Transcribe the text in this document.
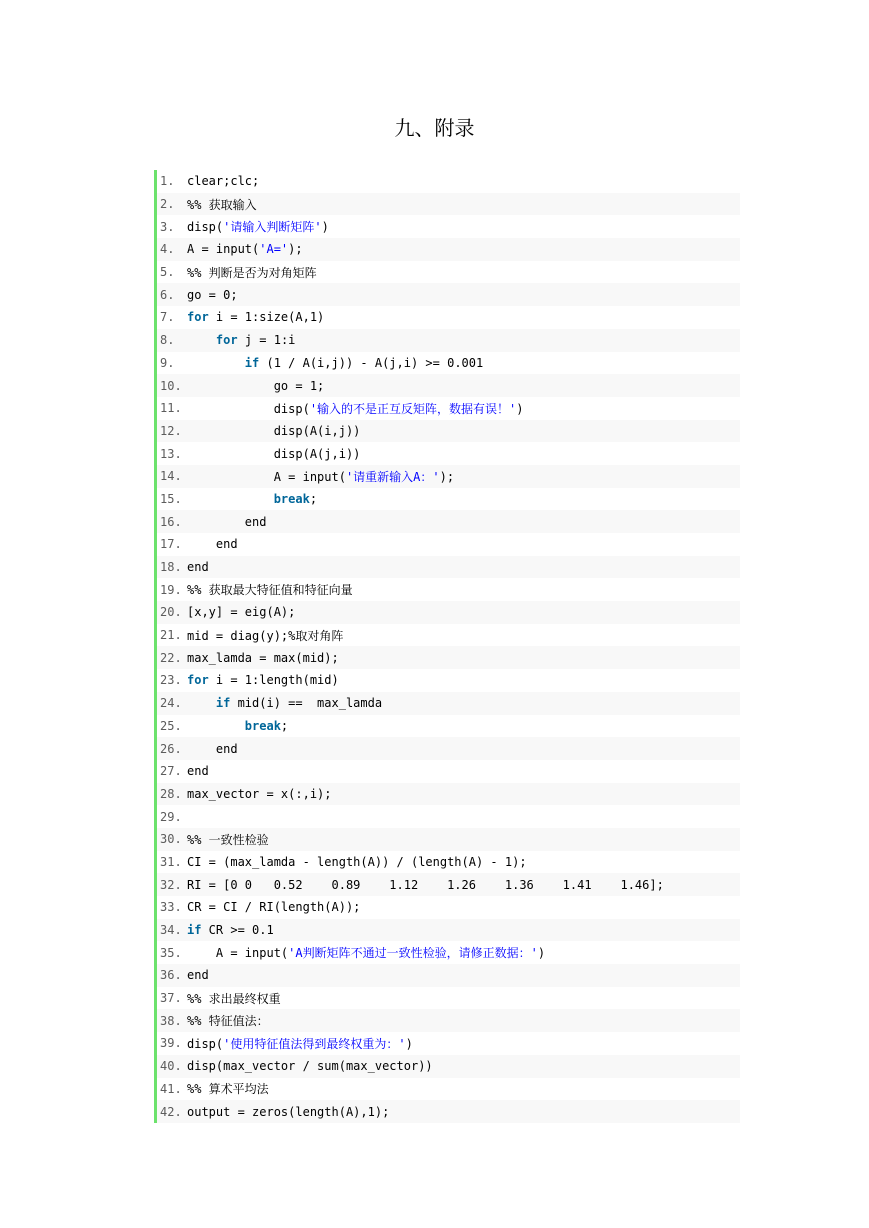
九、附录
1.	clear;clc;
2.	%% 获取输入
3.	disp('请输入判断矩阵')
4.	A = input('A=');
5.	%% 判断是否为对角矩阵
6.	go = 0;
7.	for i = 1:size(A,1)
8.	for j = 1:i
9.	if (1 / A(i,j)) - A(j,i) >= 0.001
10. go = 1;
11. disp('输入的不是正互反矩阵，数据有误！')
12. disp(A(i,j))
13. disp(A(j,i))
14. A = input('请重新输入A：');
15.	break;
16. end
17. end
18. end
19. %% 获取最大特征值和特征向量
20. [x,y] = eig(A);
21. mid = diag(y);%取对角阵
22. max_lamda = max(mid);
23. for i = 1:length(mid)
24.	if mid(i) ==  max_lamda
25.	break;
26. end
27. end
28. max_vector = x(:,i);
29.
30. %% 一致性检验
31. CI = (max_lamda - length(A)) / (length(A) - 1);
32. RI = [0 0   0.52    0.89    1.12    1.26    1.36    1.41    1.46];
33. CR = CI / RI(length(A));
34. if CR >= 0.1
35. A = input('A判断矩阵不通过一致性检验，请修正数据：')
36. end
37. %% 求出最终权重
38. %% 特征值法：
39. disp('使用特征值法得到最终权重为：')
40. disp(max_vector / sum(max_vector))
41. %% 算术平均法
42. output = zeros(length(A),1);
